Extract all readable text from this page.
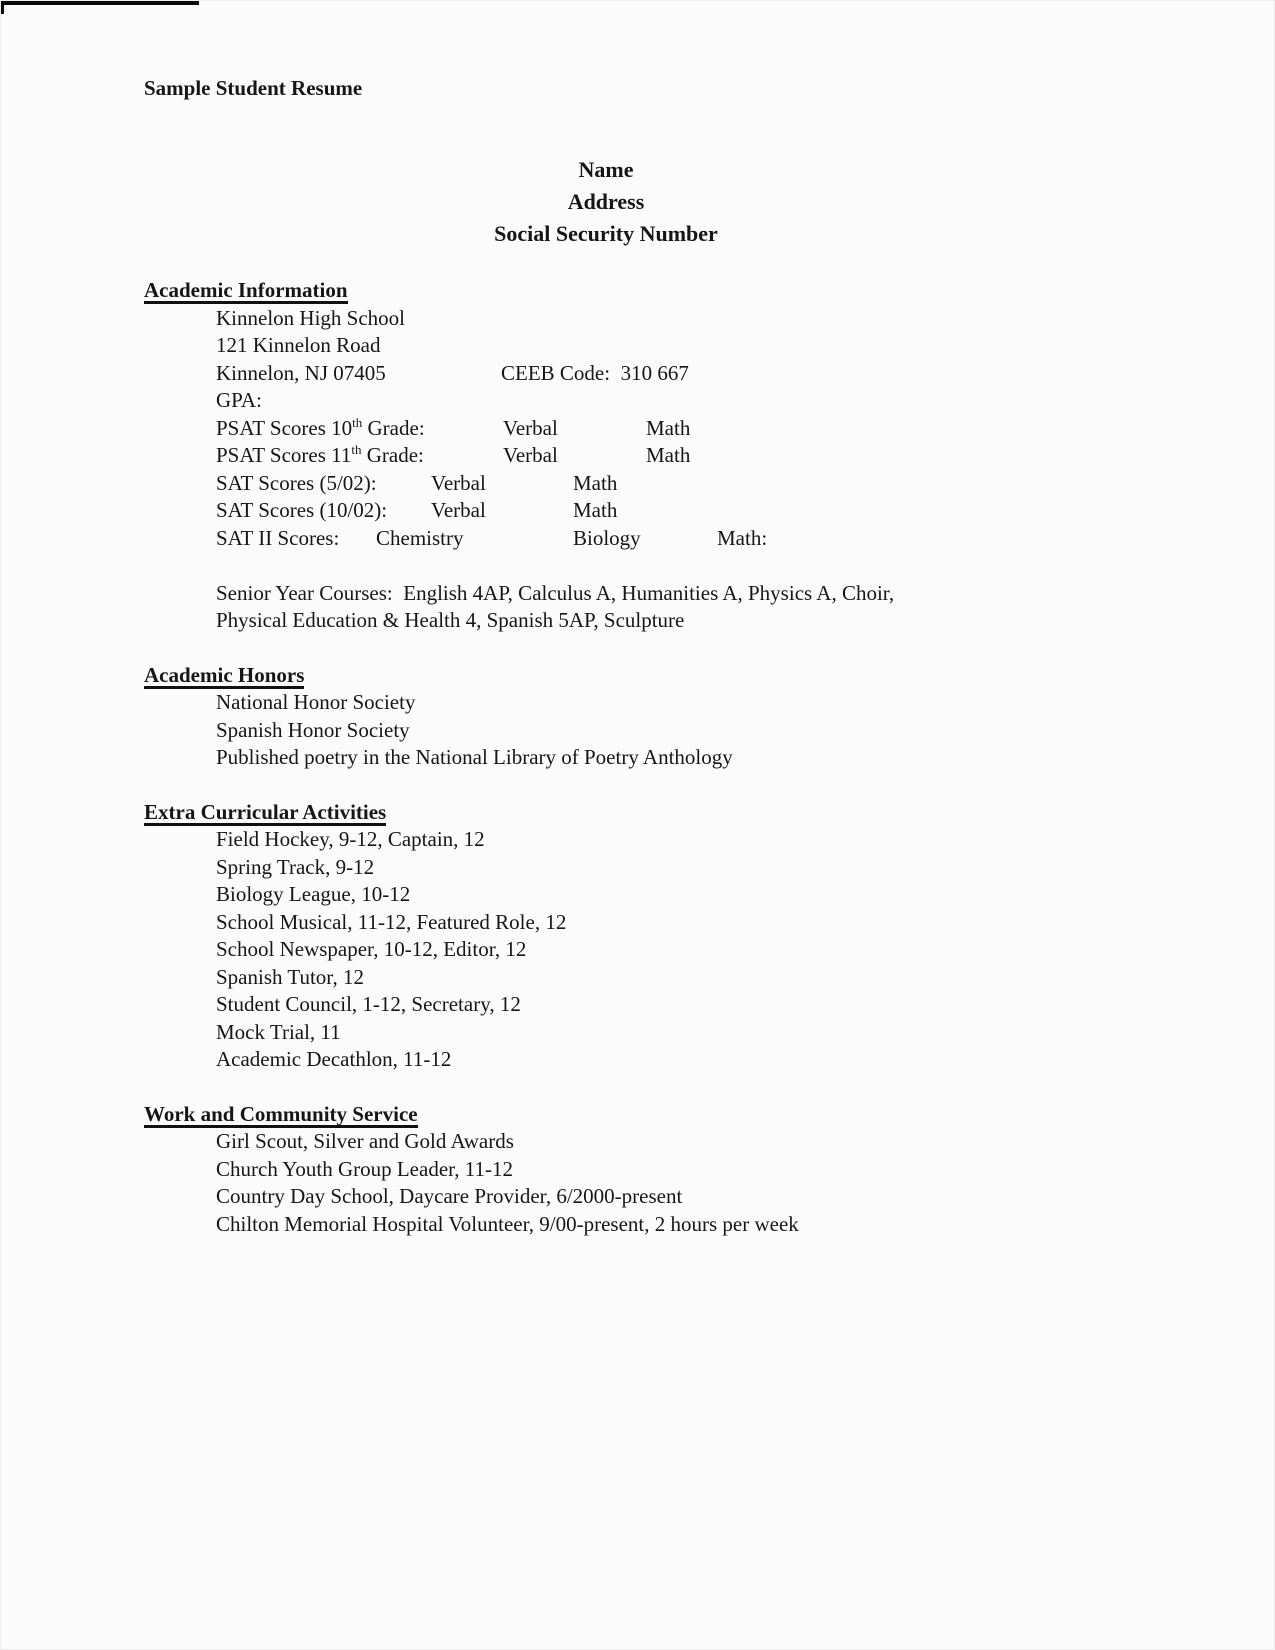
Sample Student Resume
Name
Address
Social Security Number
Academic Information
Kinnelon High School
121 Kinnelon Road
Kinnelon, NJ 07405	CEEB Code:  310 667
GPA:
PSAT Scores 10th Grade:	Verbal	Math
PSAT Scores 11th Grade:	Verbal	Math
SAT Scores (5/02):	Verbal	Math
SAT Scores (10/02): Verbal	Math
SAT II Scores: Chemistry	Biology	Math:
Senior Year Courses:  English 4AP, Calculus A, Humanities A, Physics A, Choir,
Physical Education & Health 4, Spanish 5AP, Sculpture
Academic Honors
National Honor Society
Spanish Honor Society
Published poetry in the National Library of Poetry Anthology
Extra Curricular Activities
Field Hockey, 9-12, Captain, 12
Spring Track, 9-12
Biology League, 10-12
School Musical, 11-12, Featured Role, 12
School Newspaper, 10-12, Editor, 12
Spanish Tutor, 12
Student Council, 1-12, Secretary, 12
Mock Trial, 11
Academic Decathlon, 11-12
Work and Community Service
Girl Scout, Silver and Gold Awards
Church Youth Group Leader, 11-12
Country Day School, Daycare Provider, 6/2000-present
Chilton Memorial Hospital Volunteer, 9/00-present, 2 hours per week
